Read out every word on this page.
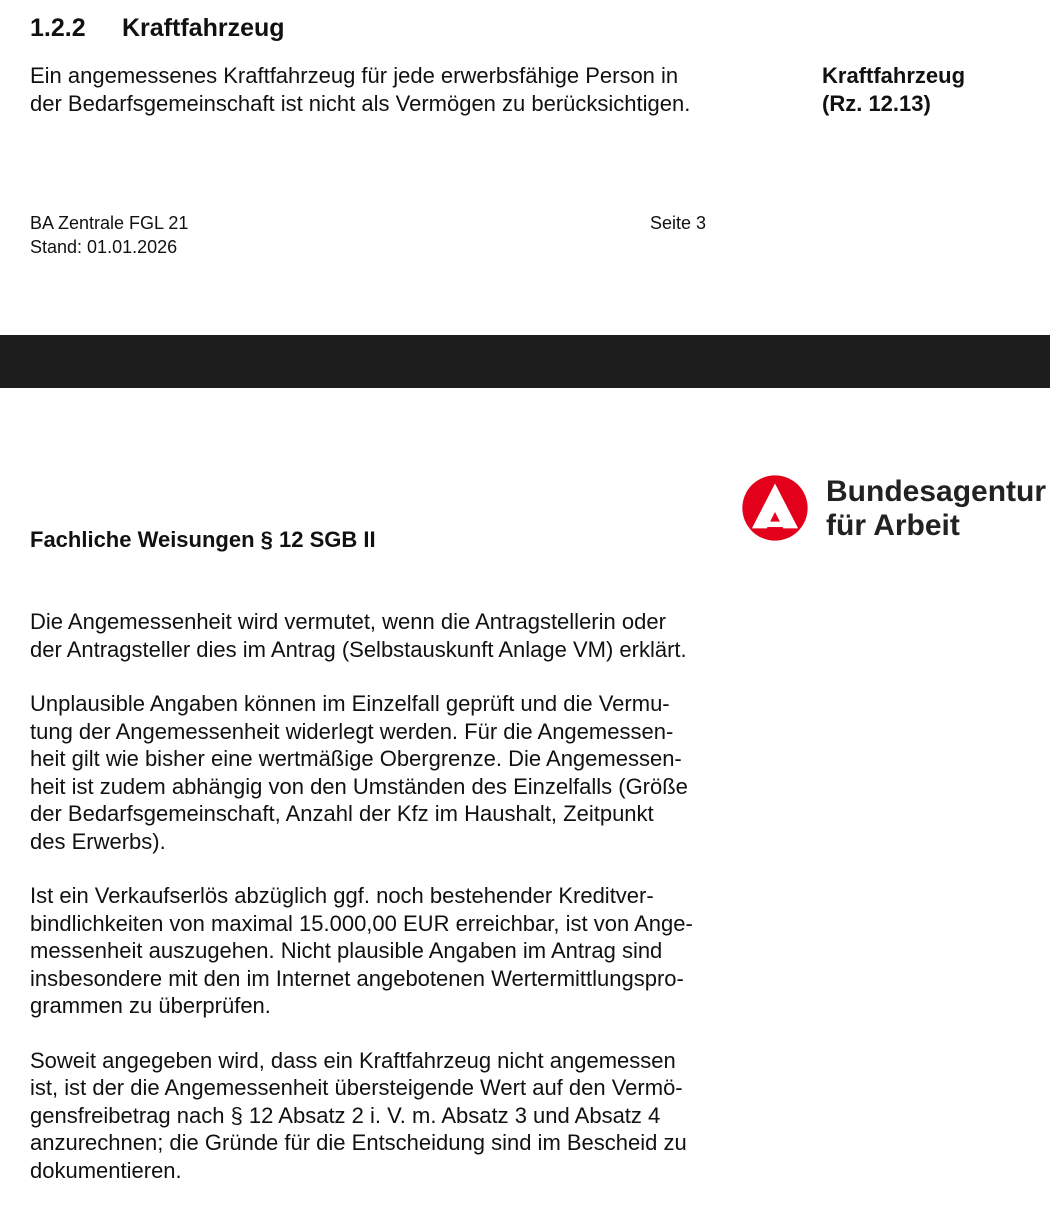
1.2.2 Kraftfahrzeug
Ein angemessenes Kraftfahrzeug für jede erwerbsfähige Person in
der Bedarfsgemeinschaft ist nicht als Vermögen zu berücksichtigen.
Kraftfahrzeug
(Rz. 12.13)
BA Zentrale FGL 21
Stand: 01.01.2026
Seite 3
Bundesagentur
für Arbeit
Fachliche Weisungen § 12 SGB II

Die Angemessenheit wird vermutet, wenn die Antragstellerin oder
der Antragsteller dies im Antrag (Selbstauskunft Anlage VM) erklärt.

Unplausible Angaben können im Einzelfall geprüft und die Vermu-
tung der Angemessenheit widerlegt werden. Für die Angemessen-
heit gilt wie bisher eine wertmäßige Obergrenze. Die Angemessen-
heit ist zudem abhängig von den Umständen des Einzelfalls (Größe
der Bedarfsgemeinschaft, Anzahl der Kfz im Haushalt, Zeitpunkt
des Erwerbs).

Ist ein Verkaufserlös abzüglich ggf. noch bestehender Kreditver-
bindlichkeiten von maximal 15.000,00 EUR erreichbar, ist von Ange-
messenheit auszugehen. Nicht plausible Angaben im Antrag sind
insbesondere mit den im Internet angebotenen Wertermittlungspro-
grammen zu überprüfen.

Soweit angegeben wird, dass ein Kraftfahrzeug nicht angemessen
ist, ist der die Angemessenheit übersteigende Wert auf den Vermö-
gensfreibetrag nach § 12 Absatz 2 i. V. m. Absatz 3 und Absatz 4
anzurechnen; die Gründe für die Entscheidung sind im Bescheid zu
dokumentieren.
